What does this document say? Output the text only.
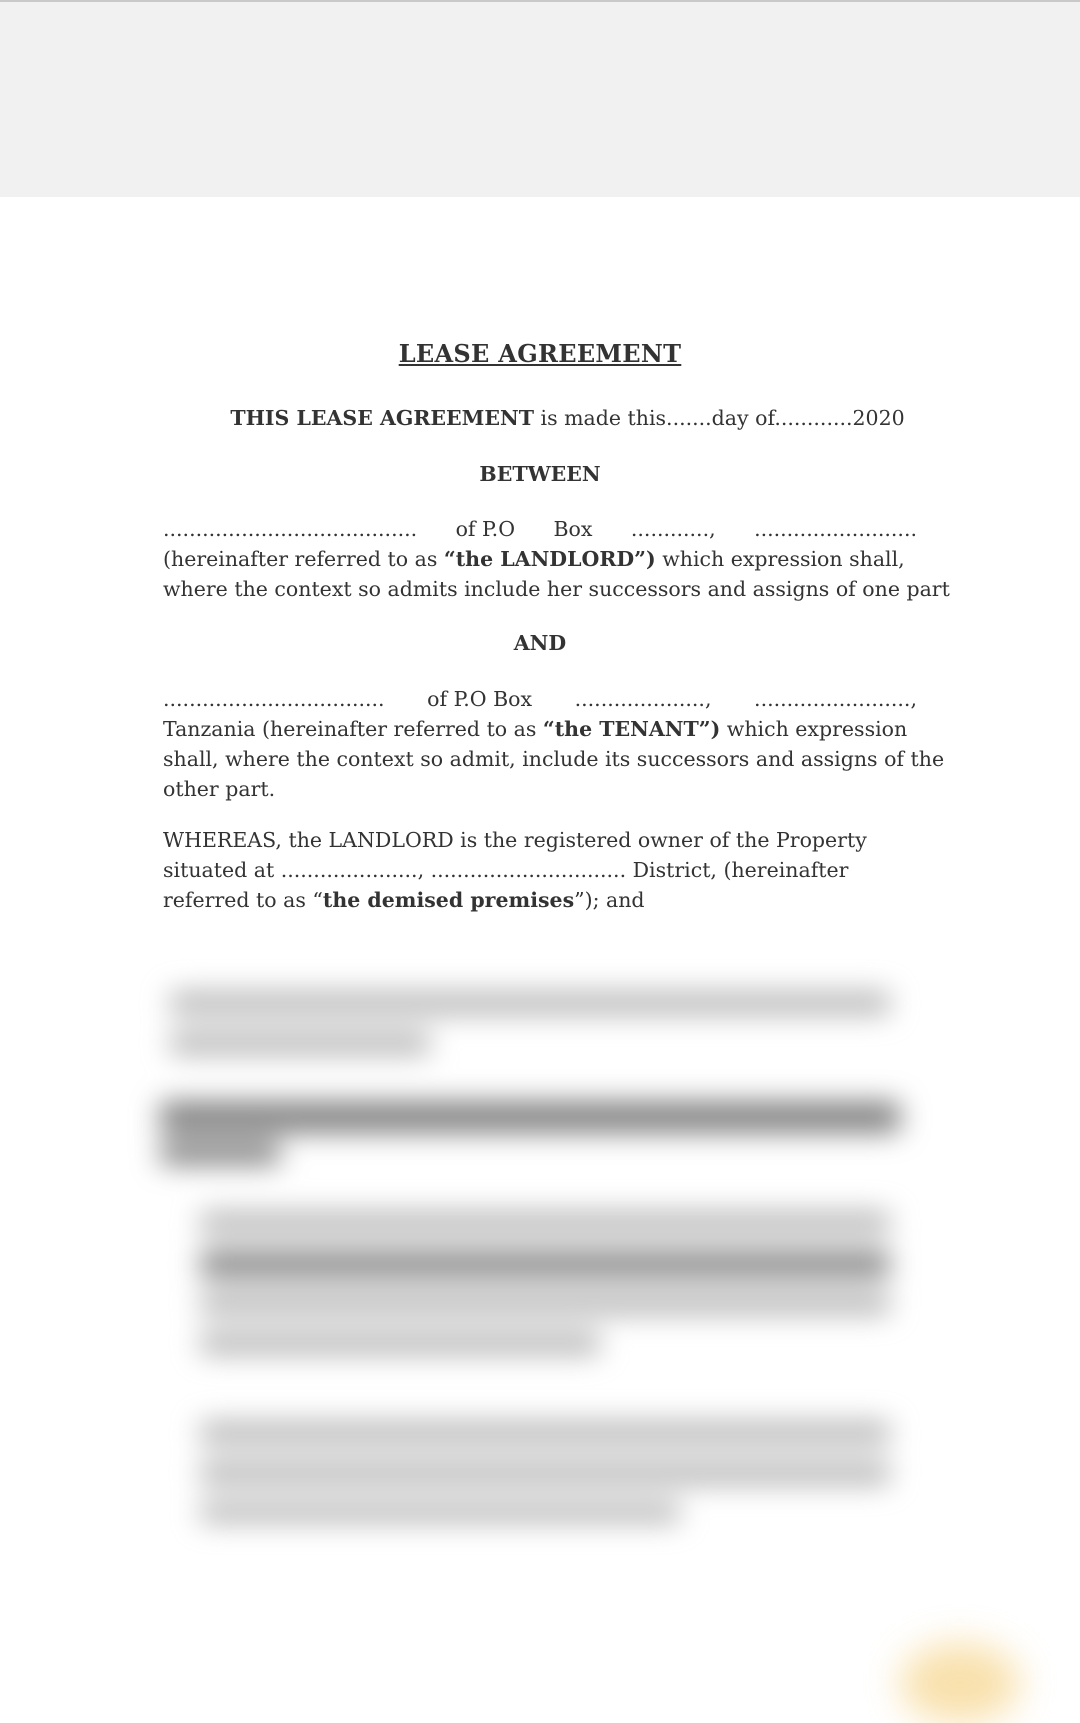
LEASE AGREEMENT
THIS LEASE AGREEMENT is made this.......day of............2020
BETWEEN
....................................... of P.O Box ............, .........................
(hereinafter referred to as “the LANDLORD”) which expression shall,
where the context so admits include her successors and assigns of one part
AND
.................................. of P.O Box ...................., ........................,
Tanzania (hereinafter referred to as “the TENANT”) which expression
shall, where the context so admit, include its successors and assigns of the
other part.
WHEREAS, the LANDLORD is the registered owner of the Property
situated at ....................., .............................. District, (hereinafter
referred to as “the demised premises”); and
